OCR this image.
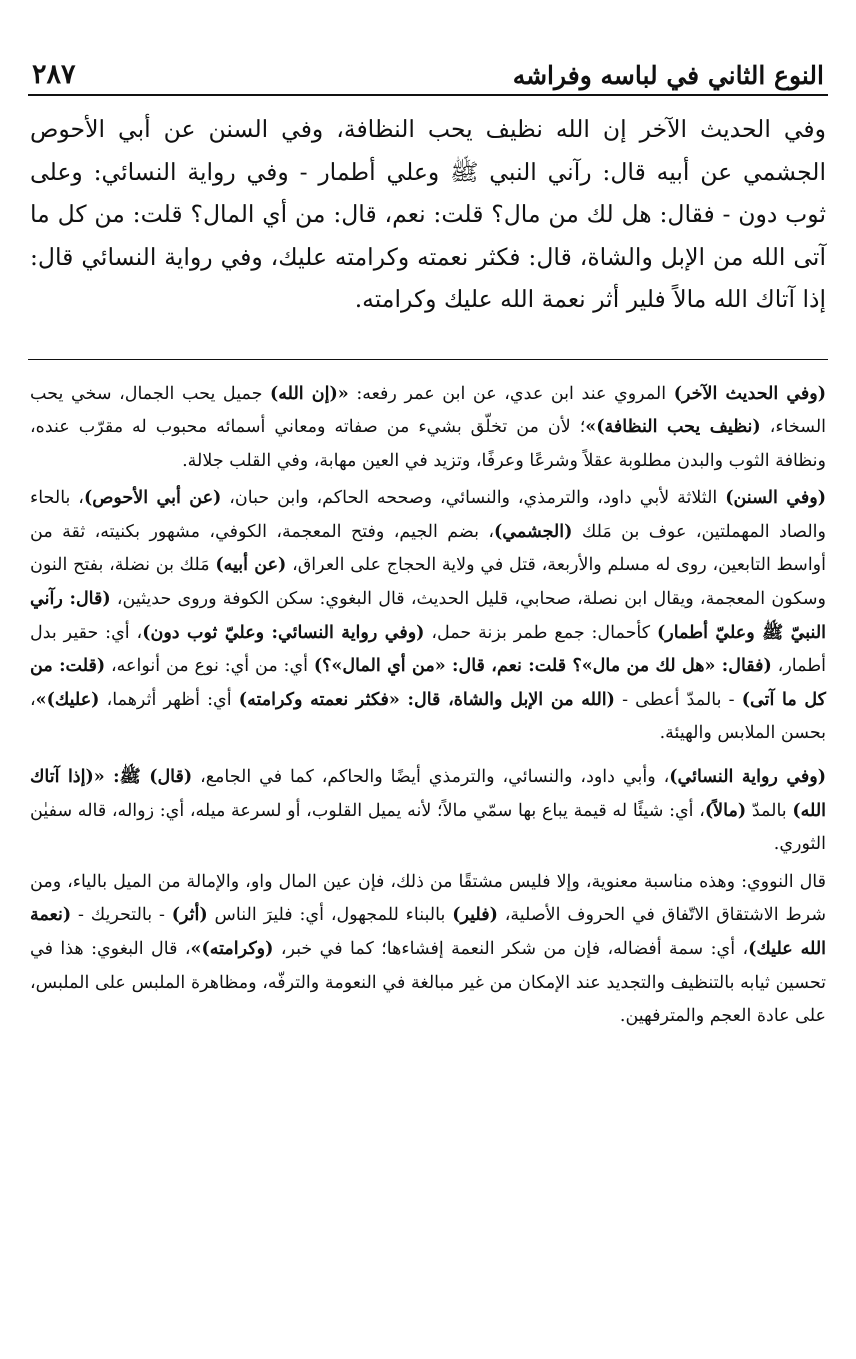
النوع الثاني في لباسه وفراشه
٢٨٧

وفي الحديث الآخر إن الله نظيف يحب النظافة، وفي السنن عن أبي الأحوص الجشمي عن أبيه قال: رآني النبي ﷺ وعلي أطمار - وفي رواية النسائي: وعلى ثوب دون - فقال: هل لك من مال؟ قلت: نعم، قال: من أي المال؟ قلت: من كل ما آتى الله من الإبل والشاة، قال: فكثر نعمته وكرامته عليك، وفي رواية النسائي قال: إذا آتاك الله مالاً فلير أثر نعمة الله عليك وكرامته.

(وفي الحديث الآخر) المروي عند ابن عدي، عن ابن عمر رفعه: «(إن الله) جميل يحب الجمال، سخي يحب السخاء، (نظيف يحب النظافة)»؛ لأن من تخلّق بشيء من صفاته ومعاني أسمائه محبوب له مقرّب عنده، ونظافة الثوب والبدن مطلوبة عقلاً وشرعًا وعرفًا، وتزيد في العين مهابة، وفي القلب جلالة.

(وفي السنن) الثلاثة لأبي داود، والترمذي، والنسائي، وصححه الحاكم، وابن حبان، (عن أبي الأحوص)، بالحاء والصاد المهملتين، عوف بن مَلك (الجشمي)، بضم الجيم، وفتح المعجمة، الكوفي، مشهور بكنيته، ثقة من أواسط التابعين، روى له مسلم والأربعة، قتل في ولاية الحجاج على العراق، (عن أبيه) مَلك بن نضلة، بفتح النون وسكون المعجمة، ويقال ابن نصلة، صحابي، قليل الحديث، قال البغوي: سكن الكوفة وروى حديثين، (قال: رآني النبيّ ﷺ وعليّ أطمار) كأحمال: جمع طمر بزنة حمل، (وفي رواية النسائي: وعليّ ثوب دون)، أي: حقير بدل أطمار، (فقال: «هل لك من مال»؟ قلت: نعم، قال: «من أي المال»؟) أي: من أي: نوع من أنواعه، (قلت: من كل ما آتى) - بالمدّ أعطى - (الله من الإبل والشاة، قال: «فكثر نعمته وكرامته) أي: أظهر أثرهما، (عليك)»، بحسن الملابس والهيئة.

(وفي رواية النسائي)، وأبي داود، والنسائي، والترمذي أيضًا والحاكم، كما في الجامع، (قال) ﷺ: «(إذا آتاك الله) بالمدّ (مالاً)، أي: شيئًا له قيمة يباع بها سمّي مالاً؛ لأنه يميل القلوب، أو لسرعة ميله، أي: زواله، قاله سفيٰن الثوري.

قال النووي: وهذه مناسبة معنوية، وإلا فليس مشتقًا من ذلك، فإن عين المال واو، والإمالة من الميل بالياء، ومن شرط الاشتقاق الاتّفاق في الحروف الأصلية، (فلير) بالبناء للمجهول، أي: فليرَ الناس (أثر) - بالتحريك - (نعمة الله عليك)، أي: سمة أفضاله، فإن من شكر النعمة إفشاءها؛ كما في خبر، (وكرامته)»، قال البغوي: هذا في تحسين ثيابه بالتنظيف والتجديد عند الإمكان من غير مبالغة في النعومة والترفّه، ومظاهرة الملبس على الملبس، على عادة العجم والمترفهين.
